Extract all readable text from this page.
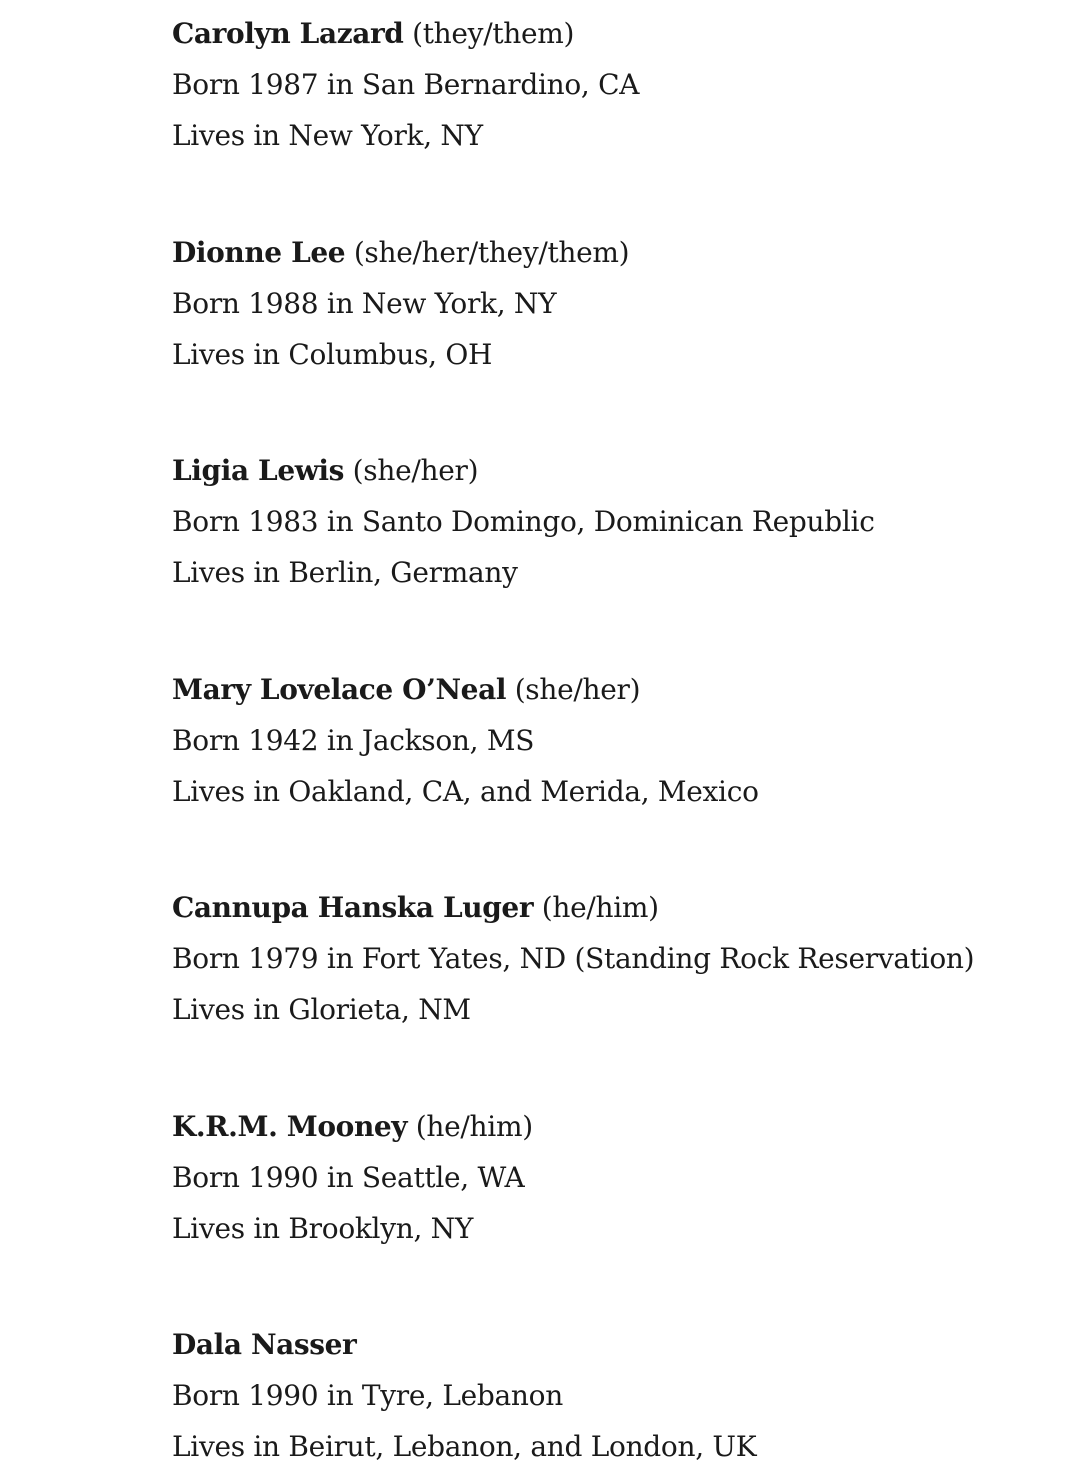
Carolyn Lazard (they/them)
Born 1987 in San Bernardino, CA
Lives in New York, NY
Dionne Lee (she/her/they/them)
Born 1988 in New York, NY
Lives in Columbus, OH
Ligia Lewis (she/her)
Born 1983 in Santo Domingo, Dominican Republic
Lives in Berlin, Germany
Mary Lovelace O’Neal (she/her)
Born 1942 in Jackson, MS
Lives in Oakland, CA, and Merida, Mexico
Cannupa Hanska Luger (he/him)
Born 1979 in Fort Yates, ND (Standing Rock Reservation)
Lives in Glorieta, NM
K.R.M. Mooney (he/him)
Born 1990 in Seattle, WA
Lives in Brooklyn, NY
Dala Nasser
Born 1990 in Tyre, Lebanon
Lives in Beirut, Lebanon, and London, UK
